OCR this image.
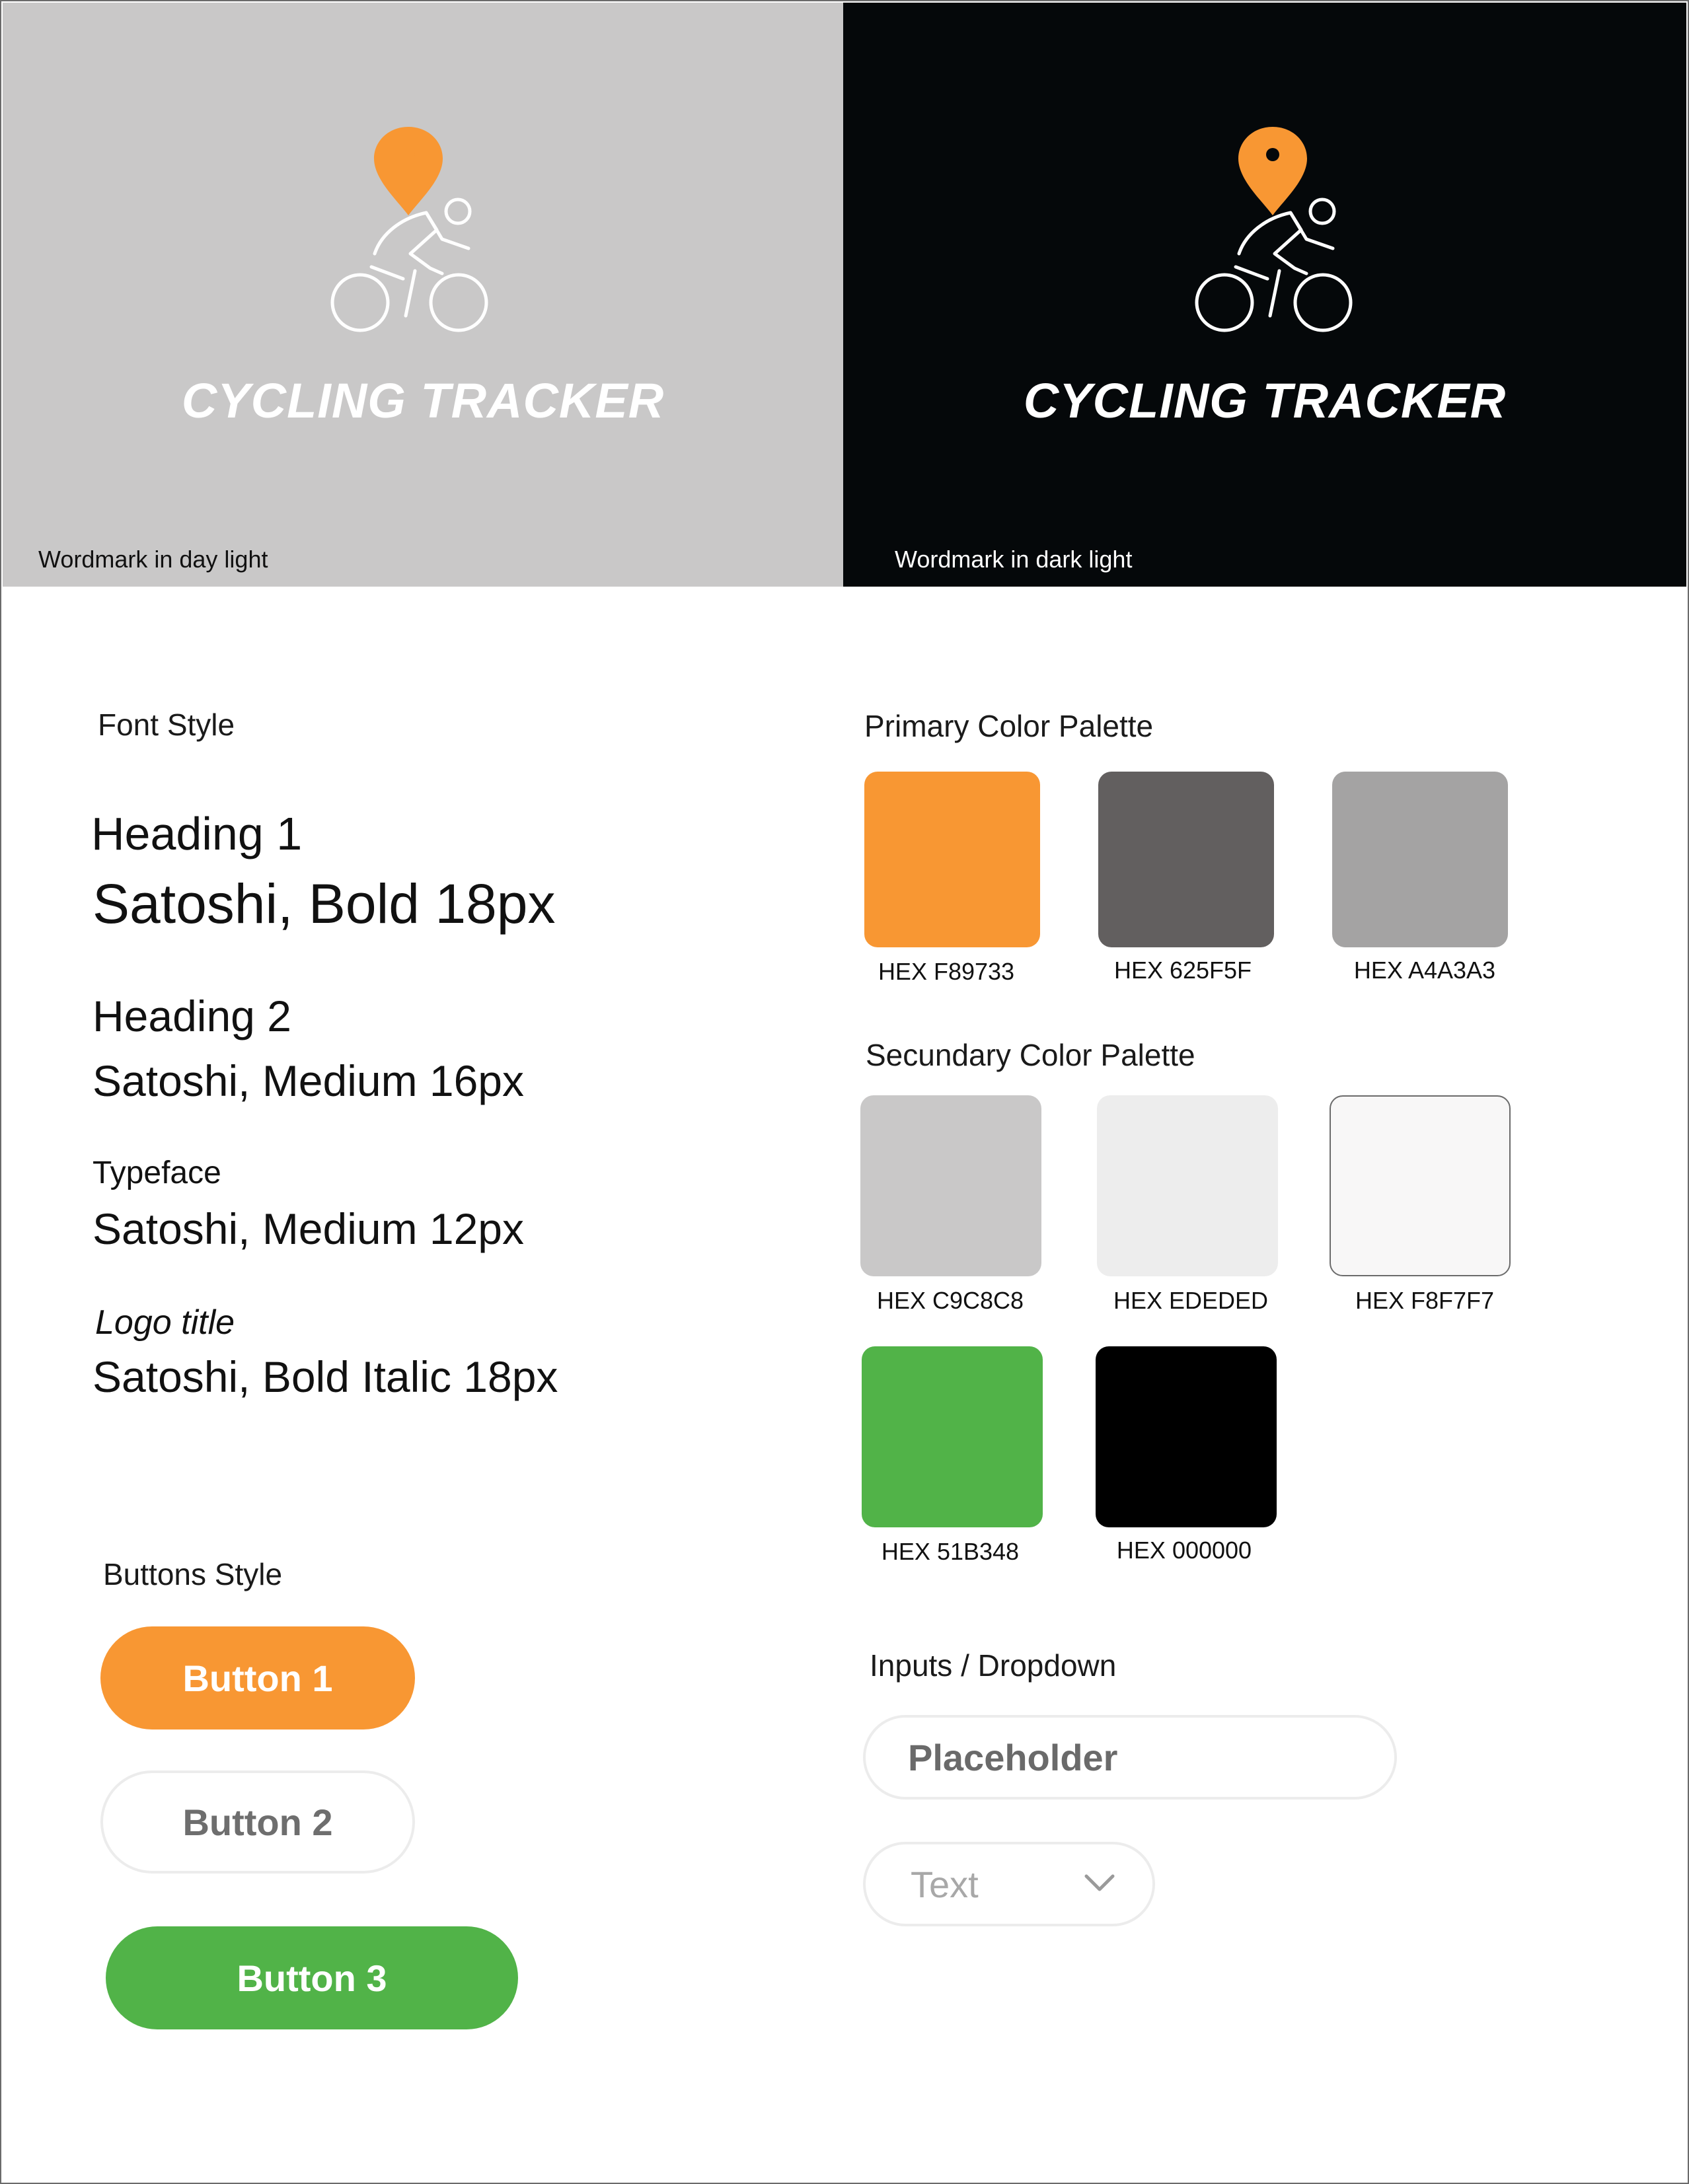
CYCLING TRACKER
Wordmark in day light
CYCLING TRACKER
Wordmark in dark light
Font Style
Heading 1
Satoshi, Bold 18px
Heading 2
Satoshi, Medium 16px
Typeface
Satoshi, Medium 12px
Logo title
Satoshi, Bold Italic 18px
Primary Color Palette
HEX F89733	HEX 625F5F	HEX A4A3A3
Secundary Color Palette
HEX C9C8C8	HEX EDEDED	HEX F8F7F7
HEX 51B348	HEX 000000
Buttons Style
Button 1
Button 2
Button 3
Inputs / Dropdown
Placeholder
Text
